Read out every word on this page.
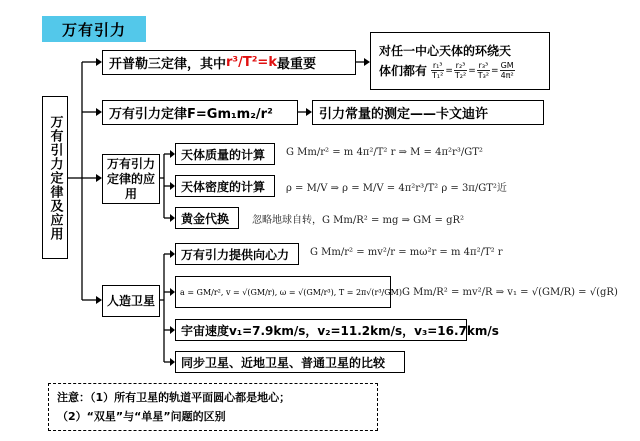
万有引力
万有引力定律及应用
开普勒三定律，其中 r³/T²=k 最重要
对任一中心天体的环绕天
体们都有 $\frac{\text{r₁³}}{\text{T₁²}} = \frac{\text{r₂³}}{\text{T₂²}} = \frac{\text{r₃³}}{\text{T₃²}} = \frac{GM}{\text{4π²}}$
万有引力定律F=Gm₁m₂/r²	引力常量的测定——卡文迪许
万有引力定律的应用
天体质量的计算	G Mm/r² = m 4π²/T² r ⇒ M = 4π²r³/GT²
天体密度的计算	ρ = M/V ⇒ ρ = M/V = 4π²r³/T² ρ = 3π/GT²近
黄金代换	忽略地球自转，G Mm/R² = mg ⇒ GM = gR²
人造卫星
万有引力提供向心力	G Mm/r² = mv²/r = mω²r = m 4π²/T² r
a = GM/r², v = √(GM/r), ω = √(GM/r³), T = 2π√(r³/GM) G Mm/R² = mv²/R ⇒ v₁ = √(GM/R) = √(gR)
宇宙速度v₁=7.9km/s，v₂=11.2km/s，v₃=16.7km/s
同步卫星、近地卫星、普通卫星的比较
注意：（1）所有卫星的轨道平面圆心都是地心；
（2）“双星”与“单星”问题的区别
